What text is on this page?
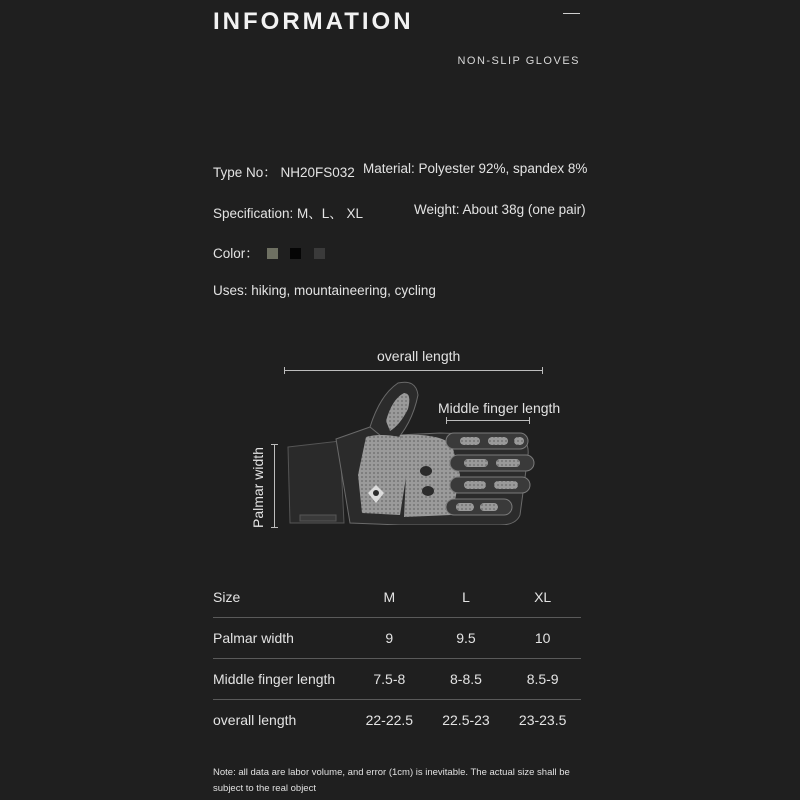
INFORMATION
NON-SLIP GLOVES
Type No： NH20FS032 Material: Polyester 92%, spandex 8%
Specification: M、L、 XL	Weight: About 38g (one pair)
Color：
Uses: hiking, mountaineering, cycling
overall length
Middle finger length
Palmar width
Size	M	L	XL
Palmar width	9	9.5	10
Middle finger length	7.5-8	8-8.5	8.5-9
overall length	22-22.5	22.5-23	23-23.5
Note: all data are labor volume, and error (1cm) is inevitable. The actual size shall be subject to the real object
